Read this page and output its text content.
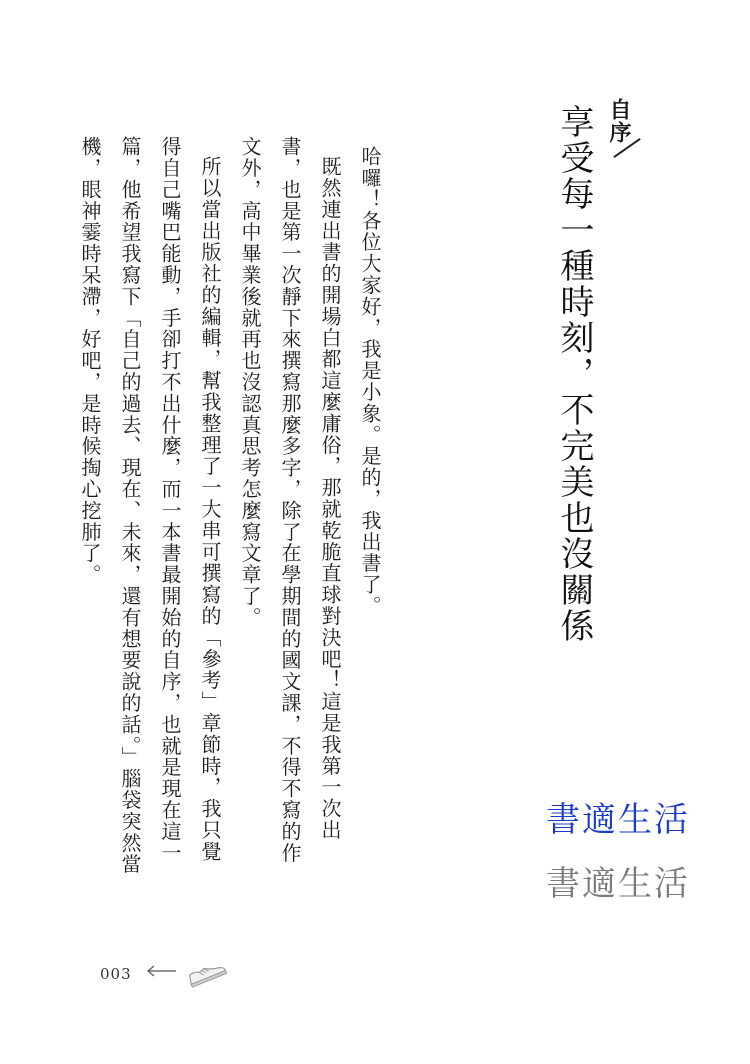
自序
享受每一種時刻，不完美也沒關係

哈囉！各位大家好，我是小象。是的，我出書了。

既然連出書的開場白都這麼庸俗，那就乾脆直球對決吧！這是我第一次出書，也是第一次靜下來撰寫那麼多字，除了在學期間的國文課，不得不寫的作文外，高中畢業後就再也沒認真思考怎麼寫文章了。

所以當出版社的編輯，幫我整理了一大串可撰寫的「參考」章節時，我只覺得自己嘴巴能動，手卻打不出什麼，而一本書最開始的自序，也就是現在這一篇，他希望我寫下「自己的過去、現在、未來，還有想要說的話。」腦袋突然當機，眼神霎時呆滯，好吧，是時候掏心挖肺了。

書適生活
書適生活
003
